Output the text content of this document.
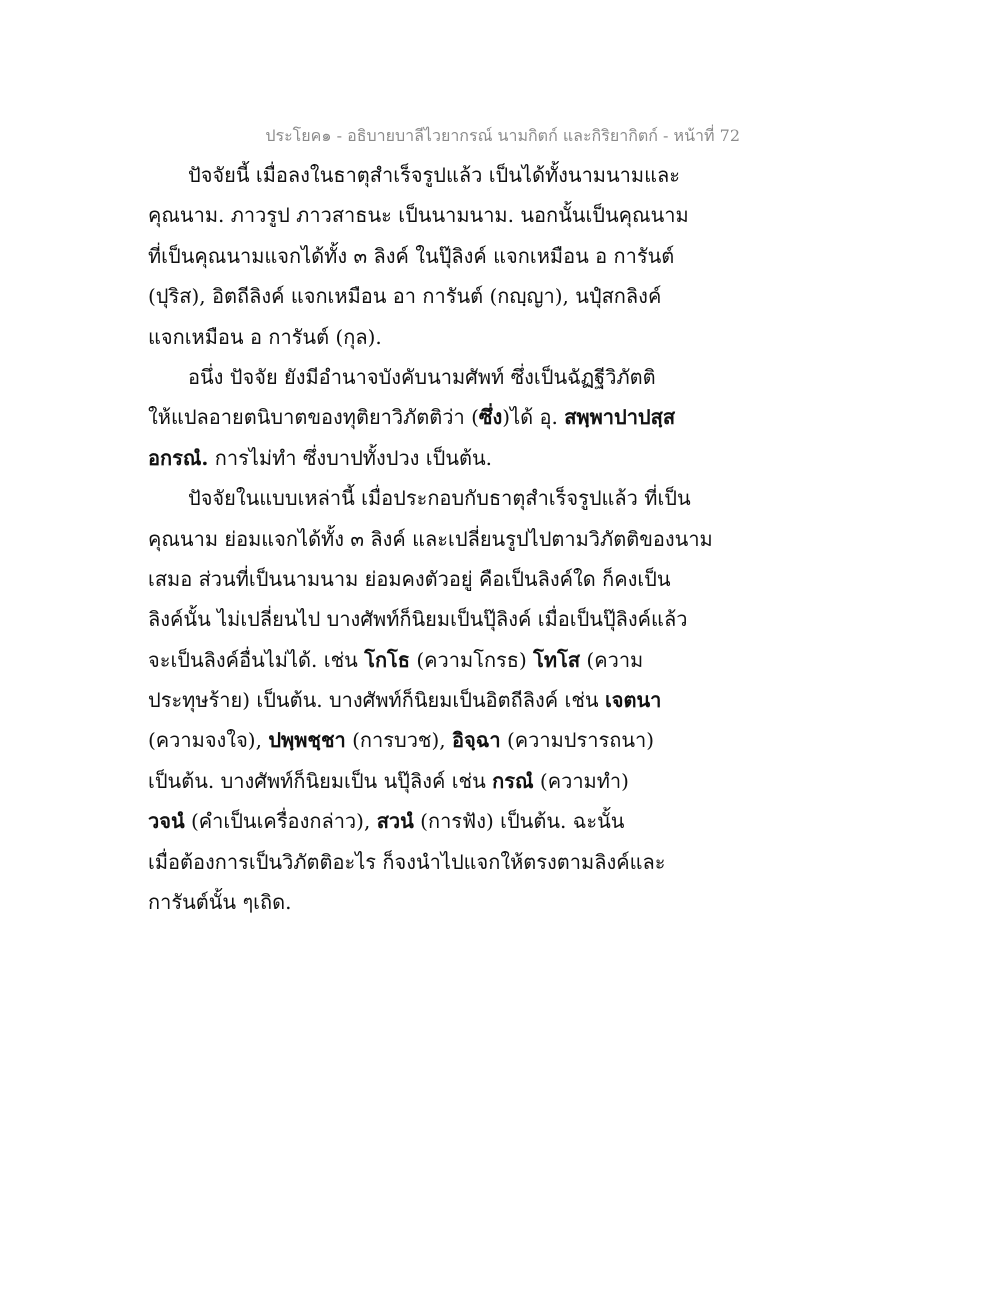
ประโยค๑ - อธิบายบาลีไวยากรณ์ นามกิตก์ และกิริยากิตก์ - หน้าที่ 72
ปัจจัยนี้ เมื่อลงในธาตุสำเร็จรูปแล้ว เป็นได้ทั้งนามนามและ
คุณนาม. ภาวรูป ภาวสาธนะ เป็นนามนาม. นอกนั้นเป็นคุณนาม
ที่เป็นคุณนามแจกได้ทั้ง ๓ ลิงค์ ในปุ๊ลิงค์ แจกเหมือน อ การันต์
(ปุริส), อิตถีลิงค์ แจกเหมือน อา การันต์ (กญฺญา), นปุํสกลิงค์
แจกเหมือน อ การันต์ (กุล).
อนึ่ง ปัจจัย ยังมีอำนาจบังคับนามศัพท์ ซึ่งเป็นฉัฏฐีวิภัตติ
ให้แปลอายตนิบาตของทุติยาวิภัตติว่า (ซึ่ง)ได้ อุ. สพฺพาปาปสฺส
อกรณํ. การไม่ทำ ซึ่งบาปทั้งปวง เป็นต้น.
ปัจจัยในแบบเหล่านี้ เมื่อประกอบกับธาตุสำเร็จรูปแล้ว ที่เป็น
คุณนาม ย่อมแจกได้ทั้ง ๓ ลิงค์ และเปลี่ยนรูปไปตามวิภัตติของนาม
เสมอ ส่วนที่เป็นนามนาม ย่อมคงตัวอยู่ คือเป็นลิงค์ใด ก็คงเป็น
ลิงค์นั้น ไม่เปลี่ยนไป บางศัพท์ก็นิยมเป็นปุ๊ลิงค์ เมื่อเป็นปุ๊ลิงค์แล้ว
จะเป็นลิงค์อื่นไม่ได้. เช่น โกโธ (ความโกรธ) โทโส (ความ
ประทุษร้าย) เป็นต้น. บางศัพท์ก็นิยมเป็นอิตถีลิงค์ เช่น เจตนา
(ความจงใจ), ปพฺพชฺชา (การบวช), อิจฺฉา (ความปรารถนา)
เป็นต้น. บางศัพท์ก็นิยมเป็น นปุ๊ลิงค์ เช่น กรณํ (ความทำ)
วจนํ (คำเป็นเครื่องกล่าว), สวนํ (การฟัง) เป็นต้น. ฉะนั้น
เมื่อต้องการเป็นวิภัตติอะไร ก็จงนำไปแจกให้ตรงตามลิงค์และ
การันต์นั้น ๆเถิด.
